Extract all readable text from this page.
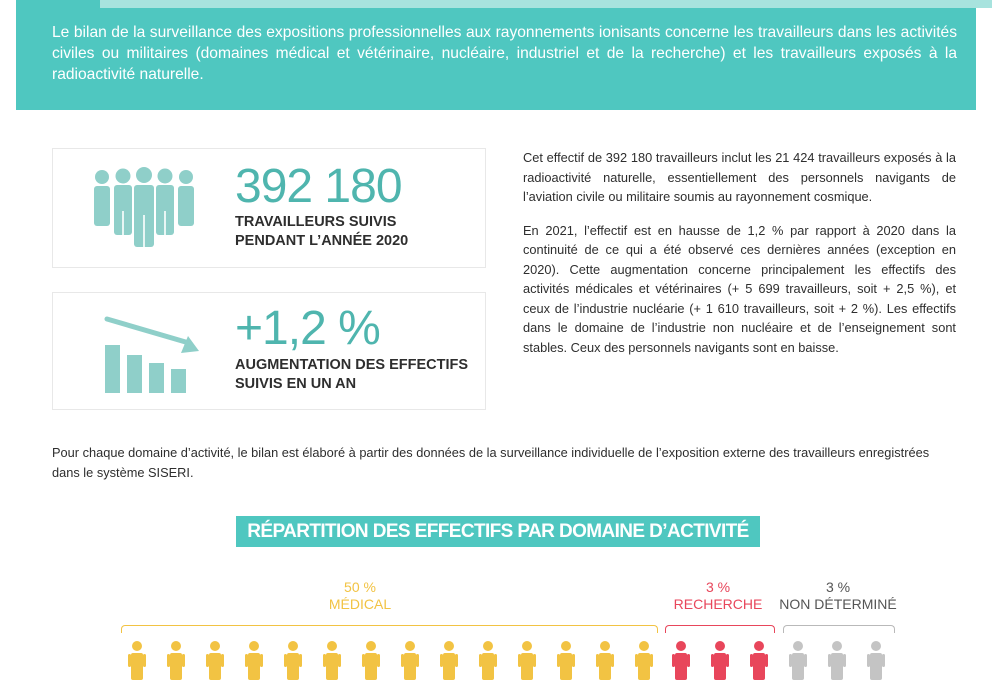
Le bilan de la surveillance des expositions professionnelles aux rayonnements ionisants concerne les travailleurs dans les activités civiles ou militaires (domaines médical et vétérinaire, nucléaire, industriel et de la recherche) et les travailleurs exposés à la radioactivité naturelle.
392 180
TRAVAILLEURS SUIVIS
PENDANT L’ANNÉE 2020
+1,2 %
AUGMENTATION DES EFFECTIFS
SUIVIS EN UN AN

Cet effectif de 392 180 travailleurs inclut les 21 424 travailleurs exposés à la radioactivité naturelle, essentiellement des personnels navigants de l’aviation civile ou militaire soumis au rayonnement cosmique.

En 2021, l’effectif est en hausse de 1,2 % par rapport à 2020 dans la continuité de ce qui a été observé ces dernières années (exception en 2020). Cette augmentation concerne principalement les effectifs des activités médicales et vétérinaires (+ 5 699 travailleurs, soit + 2,5 %), et ceux de l’industrie nucléarie (+ 1 610 travailleurs, soit + 2 %). Les effectifs dans le domaine de l’industrie non nucléaire et de l’enseignement sont stables. Ceux des personnels navigants sont en baisse.

Pour chaque domaine d’activité, le bilan est élaboré à partir des données de la surveillance individuelle de l’exposition externe des travailleurs enregistrées dans le système SISERI.
RÉPARTITION DES EFFECTIFS PAR DOMAINE D’ACTIVITÉ
50 %
MÉDICAL
3 %
RECHERCHE
3 %
NON DÉTERMINÉ
